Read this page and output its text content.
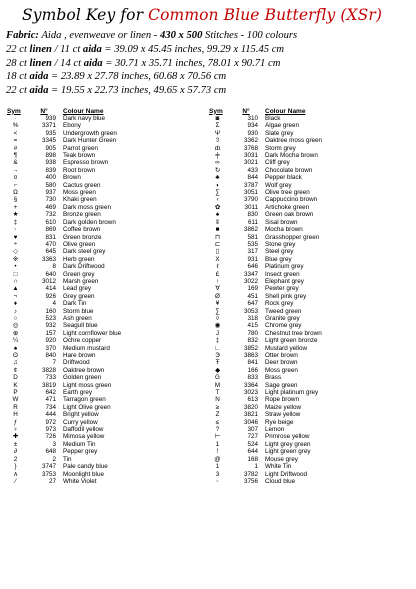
Symbol Key for Common Blue Butterfly (XSr)
Fabric: Aida , evenweave or linen - 430 x 500 Stitches - 100 colours
22 ct linen / 11 ct aida = 39.09 x 45.45 inches, 99.29 x 115.45 cm
28 ct linen / 14 ct aida = 30.71 x 35.71 inches, 78.01 x 90.71 cm
18 ct aida = 23.89 x 27.78 inches, 60.68 x 70.56 cm
22 ct aida = 19.55 x 22.73 inches, 49.65 x 57.73 cm
Sym	N°	Colour Name
·	939	Dark navy blue
%	3371	Ebony
<	935	Undergrowth green
=	3345	Dark Hunter Green
#	905	Parrot green
¶	898	Teak brown
&	938	Espresso brown
→	839	Root brown
¤	400	Brown
⌐	580	Cactus green
Ω	937	Moss green
§	730	Khaki green
+	469	Dark moss green
★	732	Bronze green
‡	610	Dark golden brown
◦	869	Coffee brown
♥	831	Green bronze
÷	470	Olive green
◇	645	Dark steel grey
※	3363	Herb green
•	8	Dark Driftwood
□	640	Green grey
∩	3012	Marsh green
▲	414	Lead grey
¬	926	Grey green
♦	4	Dark Tin
♪	160	Storm blue
○	523	Ash green
◎	932	Seagull blue
⊕	157	Light cornflower blue
¼	920	Ochre copper
♠	370	Medium mustard
ʘ	840	Hare brown
♫	7	Driftwood
¢	3828	Oaktree brown
D	733	Golden green
K	3819	Light moss green
P	642	Earth grey
W	471	Tarragon green
R	734	Light Olive green
H	444	Bright yellow
ƒ	972	Curry yellow
♀	973	Daffodil yellow
✚	726	Mimosa yellow
±	3	Medium Tin
∂	648	Pepper grey
2	2	Tin
}	3747	Pale candy blue
∧	3753	Moonlight blue
⁄	27	White Violet
Sym	N°	Colour Name
◙	310	Black
Σ	934	Algae green
Ψ	930	Slate grey
⇧	3362	Oaktree moss green
ȸ	3768	Storm grey
╪	3031	Dark Mocha brown
∞	3021	Cliff grey
↻	433	Chocolate brown
♣	844	Pepper black
◗	3787	Wolf grey
∑	3051	Olive tree green
‹	3790	Cappuccino brown
✿	3011	Artichoke green
♠	830	Green oak brown
ʬ	611	Sisal brown
■	3862	Mocha brown
⊓	581	Grasshopper green
⊏	535	Stone grey
▯	317	Steel grey
X	931	Blue grey
ℓ	646	Platinum grey
£	3347	Insect green
↑	3022	Elephant grey
∀	169	Pewter grey
Ø	451	Shell pink grey
¥	647	Rock grey
∑	3053	Tweed green
◊	318	Granite grey
◉	415	Chrome grey
J	780	Chestnut tree brown
‡	832	Light green bronze
∟	3852	Mustard yellow
Э	3863	Otter brown
Ŧ	841	Deer brown
◆	166	Moss green
G	833	Brass
M	3364	Sage green
T	3023	Light platinum grey
N	613	Rope brown
≥	3820	Maize yellow
Z	3821	Straw yellow
≤	3046	Rye beige
?	307	Lemon
⊢	727	Primrose yellow
1	524	Light grey green
!	644	Light green grey
@	168	Mouse grey
1	1	White Tin
3	3782	Light Driftwood
◦	3756	Cloud blue
